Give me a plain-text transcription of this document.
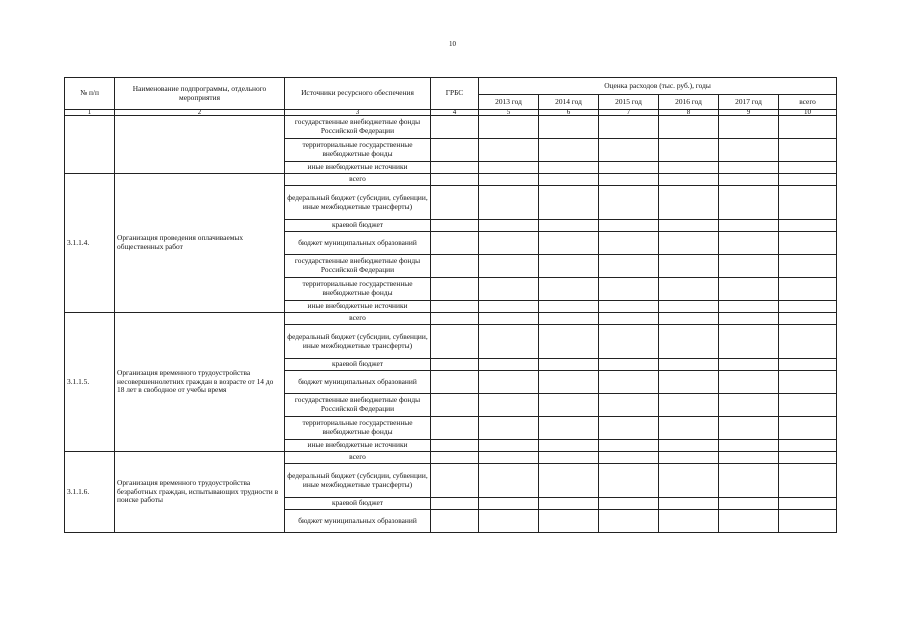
10
№ п/п	Наименование подпрограммы, отдельного мероприятия	Источники ресурсного обеспечения	ГРБС	Оценка расходов (тыс. руб.), годы					
				2013 год	2014 год	2015 год	2016 год	2017 год	всего
1	2	3	4	5	6	7	8	9	10
		государственные внебюджетные фонды Российской Федерации							
		территориальные государственные внебюджетные фонды							
		иные внебюджетные источники							
3.1.1.4.	Организация проведения оплачиваемых общественных работ	всего							
		федеральный бюджет (субсидии, субвенции, иные межбюджетные трансферты)							
		краевой бюджет							
		бюджет муниципальных образований							
		государственные внебюджетные фонды Российской Федерации							
		территориальные государственные внебюджетные фонды							
		иные внебюджетные источники							
3.1.1.5.	Организация временного трудоустройства несовершеннолетних граждан в возрасте от 14 до 18 лет в свободное от учебы время	всего							
		федеральный бюджет (субсидии, субвенции, иные межбюджетные трансферты)							
		краевой бюджет							
		бюджет муниципальных образований							
		государственные внебюджетные фонды Российской Федерации							
		территориальные государственные внебюджетные фонды							
		иные внебюджетные источники							
3.1.1.6.	Организация временного трудоустройства безработных граждан, испытывающих трудности в поиске работы	всего							
		федеральный бюджет (субсидии, субвенции, иные межбюджетные трансферты)							
		краевой бюджет							
		бюджет муниципальных образований							
